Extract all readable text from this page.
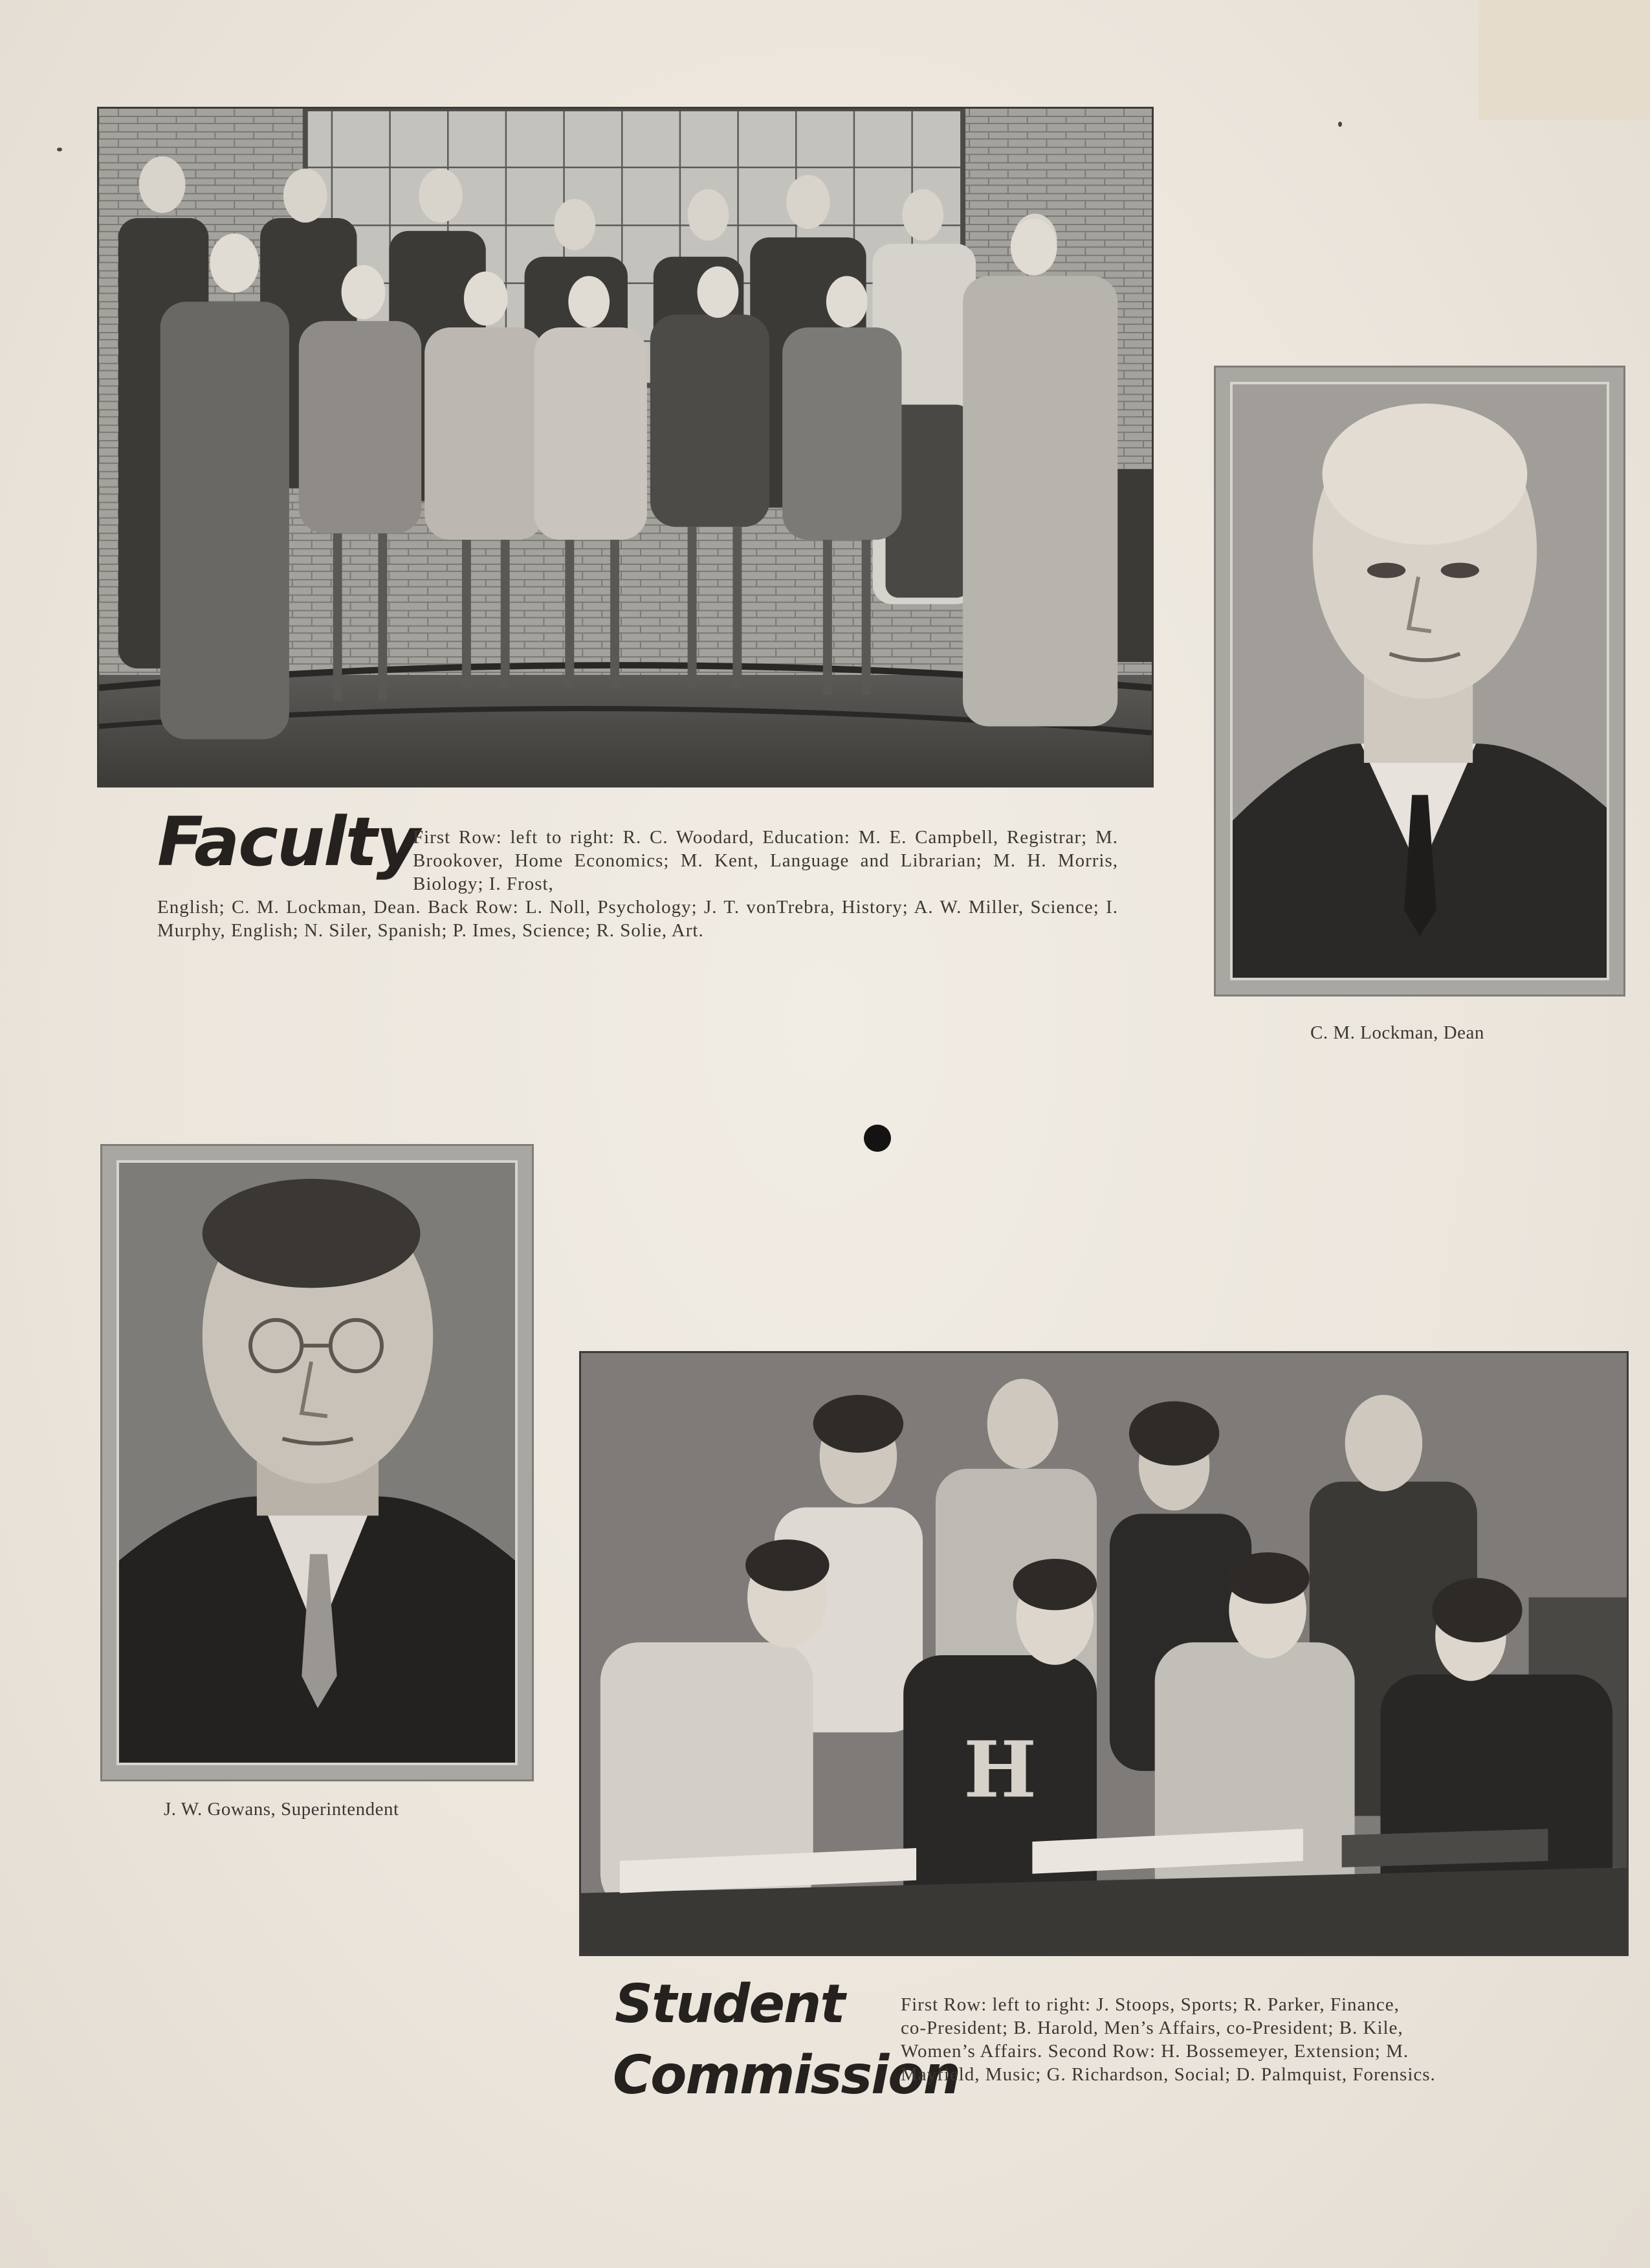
Faculty
First Row: left to right: R. C. Woodard, Education: M. E. Campbell, Registrar; M. Brookover, Home Economics; M. Kent, Language and Librarian; M. H. Morris, Biology; I. Frost,
English; C. M. Lockman, Dean. Back Row: L. Noll, Psychology; J. T. vonTrebra, History; A. W. Miller, Science; I. Murphy, English; N. Siler, Spanish; P. Imes, Science; R. Solie, Art.
C. M. Lockman, Dean
J. W. Gowans, Superintendent	H
Student
Commission
First Row: left to right: J. Stoops, Sports; R. Parker, Finance,
co-President; B. Harold, Men’s Affairs, co-President; B. Kile,
Women’s Affairs. Second Row: H. Bossemeyer, Extension; M.
Mayfield, Music; G. Richardson, Social; D. Palmquist, Forensics.
